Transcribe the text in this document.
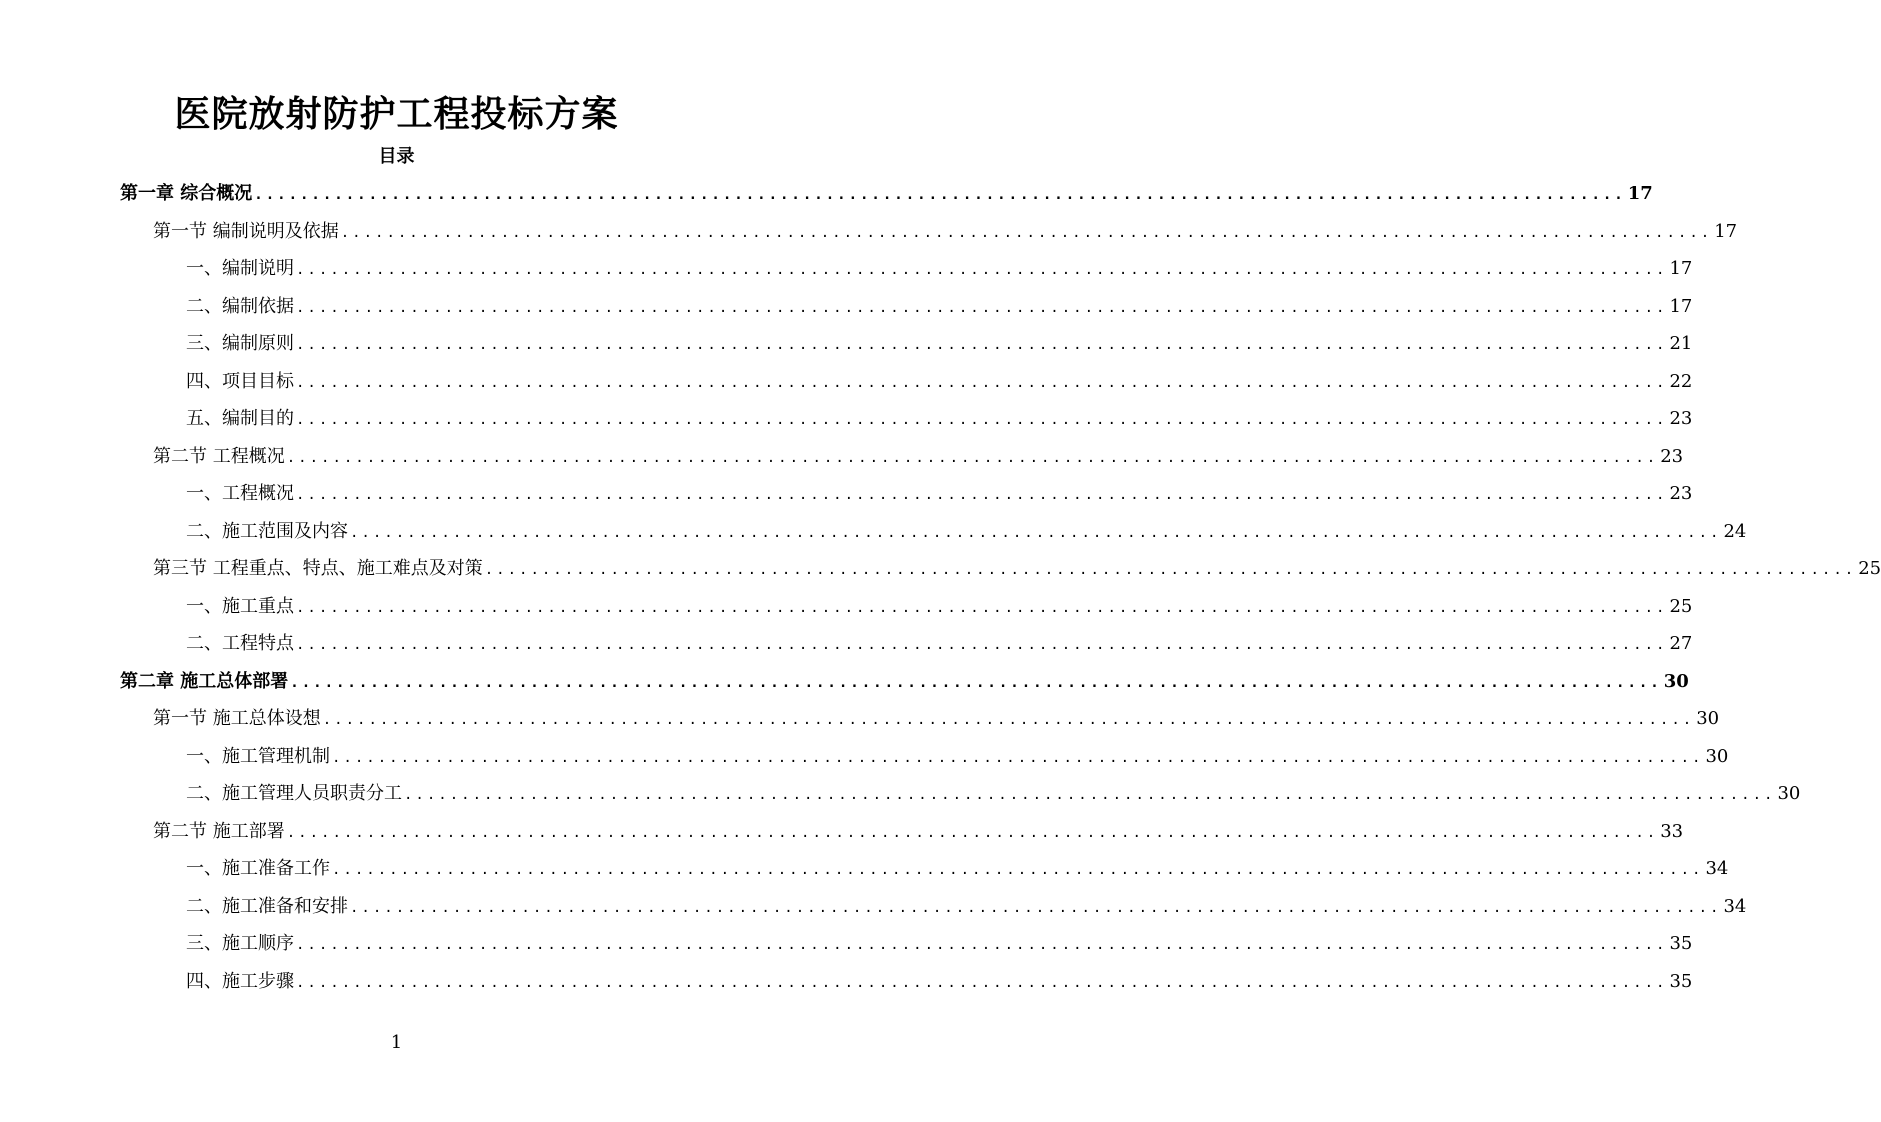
医院放射防护工程投标方案
目录
第一章 综合概况 ........................................................................................................................ 17
第一节 编制说明及依据 ........................................................................................................................ 17
一、编制说明 ........................................................................................................................ 17
二、编制依据 ........................................................................................................................ 17
三、编制原则 ........................................................................................................................ 21
四、项目目标 ........................................................................................................................ 22
五、编制目的 ........................................................................................................................ 23
第二节 工程概况 ........................................................................................................................ 23
一、工程概况 ........................................................................................................................ 23
二、施工范围及内容 ........................................................................................................................ 24
第三节 工程重点、特点、施工难点及对策 ........................................................................................................................ 25
一、施工重点 ........................................................................................................................ 25
二、工程特点 ........................................................................................................................ 27
第二章 施工总体部署 ........................................................................................................................ 30
第一节 施工总体设想 ........................................................................................................................ 30
一、施工管理机制 ........................................................................................................................ 30
二、施工管理人员职责分工 ........................................................................................................................ 30
第二节 施工部署 ........................................................................................................................ 33
一、施工准备工作 ........................................................................................................................ 34
二、施工准备和安排 ........................................................................................................................ 34
三、施工顺序 ........................................................................................................................ 35
四、施工步骤 ........................................................................................................................ 35
1
